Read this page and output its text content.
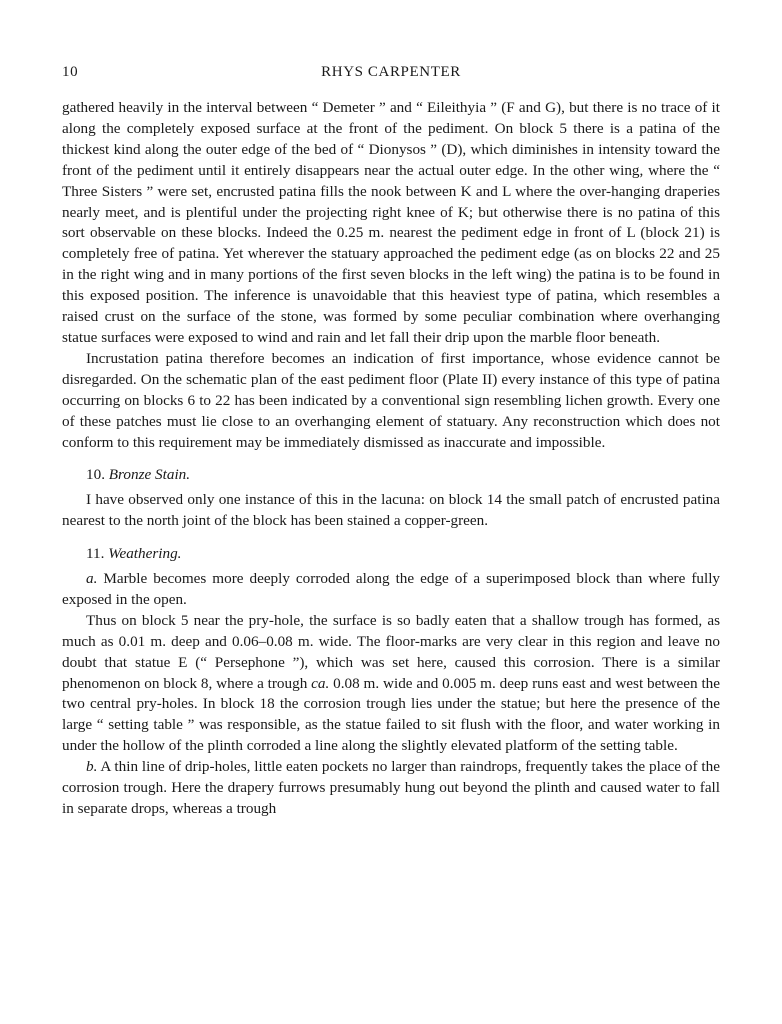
10	RHYS CARPENTER

gathered heavily in the interval between “ Demeter ” and “ Eileithyia ” (F and G), but there is no trace of it along the completely exposed surface at the front of the pediment. On block 5 there is a patina of the thickest kind along the outer edge of the bed of “ Dionysos ” (D), which diminishes in intensity toward the front of the pediment until it entirely disappears near the actual outer edge. In the other wing, where the “ Three Sisters ” were set, encrusted patina fills the nook between K and L where the over-hanging draperies nearly meet, and is plentiful under the projecting right knee of K; but otherwise there is no patina of this sort observable on these blocks. Indeed the 0.25 m. nearest the pediment edge in front of L (block 21) is completely free of patina. Yet wherever the statuary approached the pediment edge (as on blocks 22 and 25 in the right wing and in many portions of the first seven blocks in the left wing) the patina is to be found in this exposed position. The inference is unavoidable that this heaviest type of patina, which resembles a raised crust on the surface of the stone, was formed by some peculiar combination where overhanging statue surfaces were exposed to wind and rain and let fall their drip upon the marble floor beneath.

Incrustation patina therefore becomes an indication of first importance, whose evidence cannot be disregarded. On the schematic plan of the east pediment floor (Plate II) every instance of this type of patina occurring on blocks 6 to 22 has been indicated by a conventional sign resembling lichen growth. Every one of these patches must lie close to an overhanging element of statuary. Any reconstruction which does not conform to this requirement may be immediately dismissed as inaccurate and impossible.

10. Bronze Stain.

I have observed only one instance of this in the lacuna: on block 14 the small patch of encrusted patina nearest to the north joint of the block has been stained a copper-green.

11. Weathering.

a. Marble becomes more deeply corroded along the edge of a superimposed block than where fully exposed in the open.

Thus on block 5 near the pry-hole, the surface is so badly eaten that a shallow trough has formed, as much as 0.01 m. deep and 0.06–0.08 m. wide. The floor-marks are very clear in this region and leave no doubt that statue E (“ Persephone ”), which was set here, caused this corrosion. There is a similar phenomenon on block 8, where a trough ca. 0.08 m. wide and 0.005 m. deep runs east and west between the two central pry-holes. In block 18 the corrosion trough lies under the statue; but here the presence of the large “ setting table ” was responsible, as the statue failed to sit flush with the floor, and water working in under the hollow of the plinth corroded a line along the slightly elevated platform of the setting table.

b. A thin line of drip-holes, little eaten pockets no larger than raindrops, frequently takes the place of the corrosion trough. Here the drapery furrows presumably hung out beyond the plinth and caused water to fall in separate drops, whereas a trough
